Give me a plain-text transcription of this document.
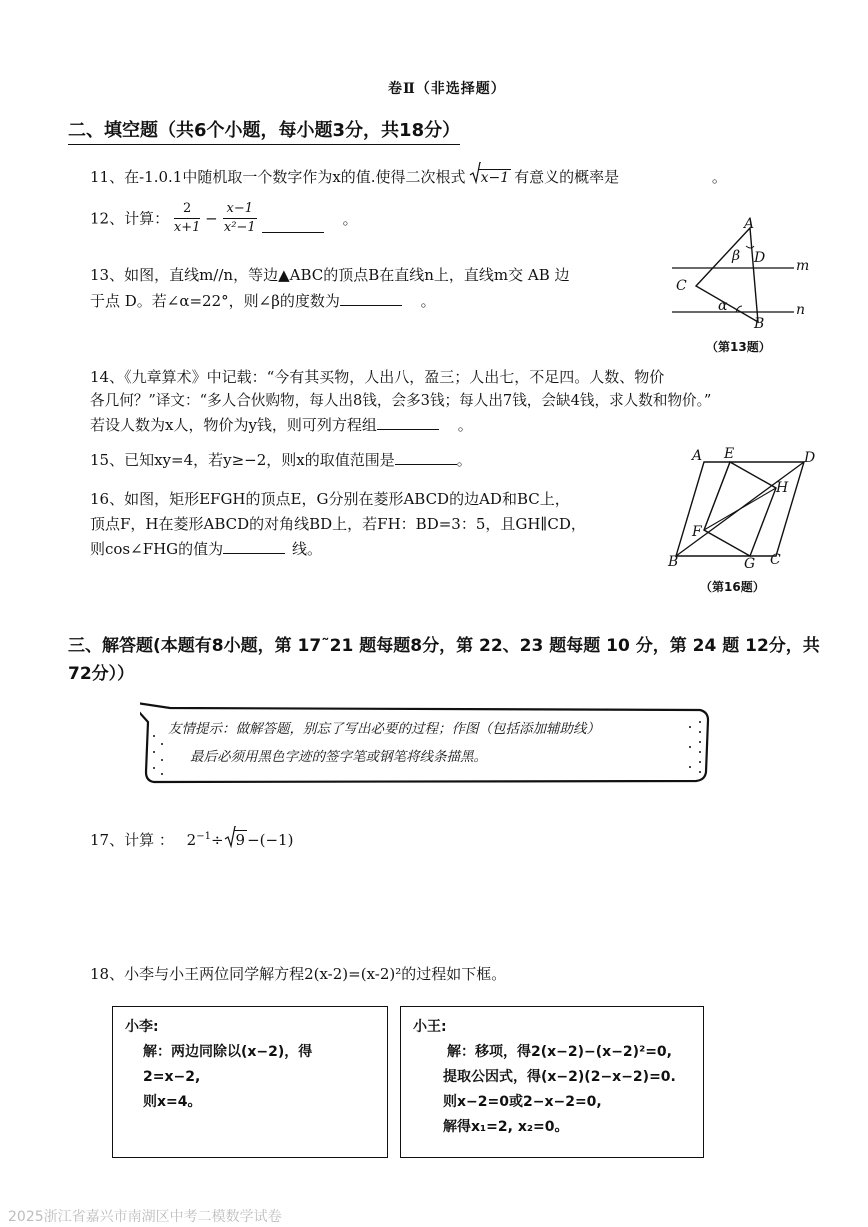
卷Ⅱ（非选择题）
二、填空题（共6个小题，每小题3分，共18分）
11、在-1.0.1中随机取一个数字作为x的值.使得二次根式 x−1 有意义的概率是	。
12、计算： $\frac{2}{x+1} - \frac{x-1}{\text{x²−1}}$	。
13、如图，直线m//n，等边▲ABC的顶点B在直线n上，直线m交 AB 边
于点 D。若∠α=22°，则∠β的度数为	。
A
β D m
C
α	n
B
（第13题）
14、《九章算术》中记载：“今有其买物，人出八，盈三；人出七，不足四。人数、物价
各几何？”译文：“多人合伙购物，每人出8钱，会多3钱；每人出7钱，会缺4钱，求人数和物价。”
若设人数为x人，物价为y钱，则可列方程组	。
15、已知xy=4，若y≥−2，则x的取值范围是	。
16、如图，矩形EFGH的顶点E，G分别在菱形ABCD的边AD和BC上，
顶点F，H在菱形ABCD的对角线BD上，若FH：BD=3：5，且GH∥CD，
则cos∠FHG的值为	线。
A E	D
H
F
B	G C
（第16题）
三、解答题(本题有8小题，第 17˜21 题每题8分，第 22、23 题每题 10 分，第 24 题 12分，共72分））
友情提示：做解答题，别忘了写出必要的过程；作图（包括添加辅助线）
最后必须用黑色字迹的签字笔或钢笔将线条描黑。
17、计算 ： $2^{-1}\div 9 -(-1)$
18、小李与小王两位同学解方程2(x-2)=(x-2)²的过程如下框。
小李:
解：两边同除以(x−2)，得
2=x−2,
则x=4。
小王:
解：移项，得2(x−2)−(x−2)²=0,
提取公因式，得(x−2)(2−x−2)=0.
则x−2=0或2−x−2=0,
解得x₁=2, x₂=0。
2025浙江省嘉兴市南湖区中考二模数学试卷
